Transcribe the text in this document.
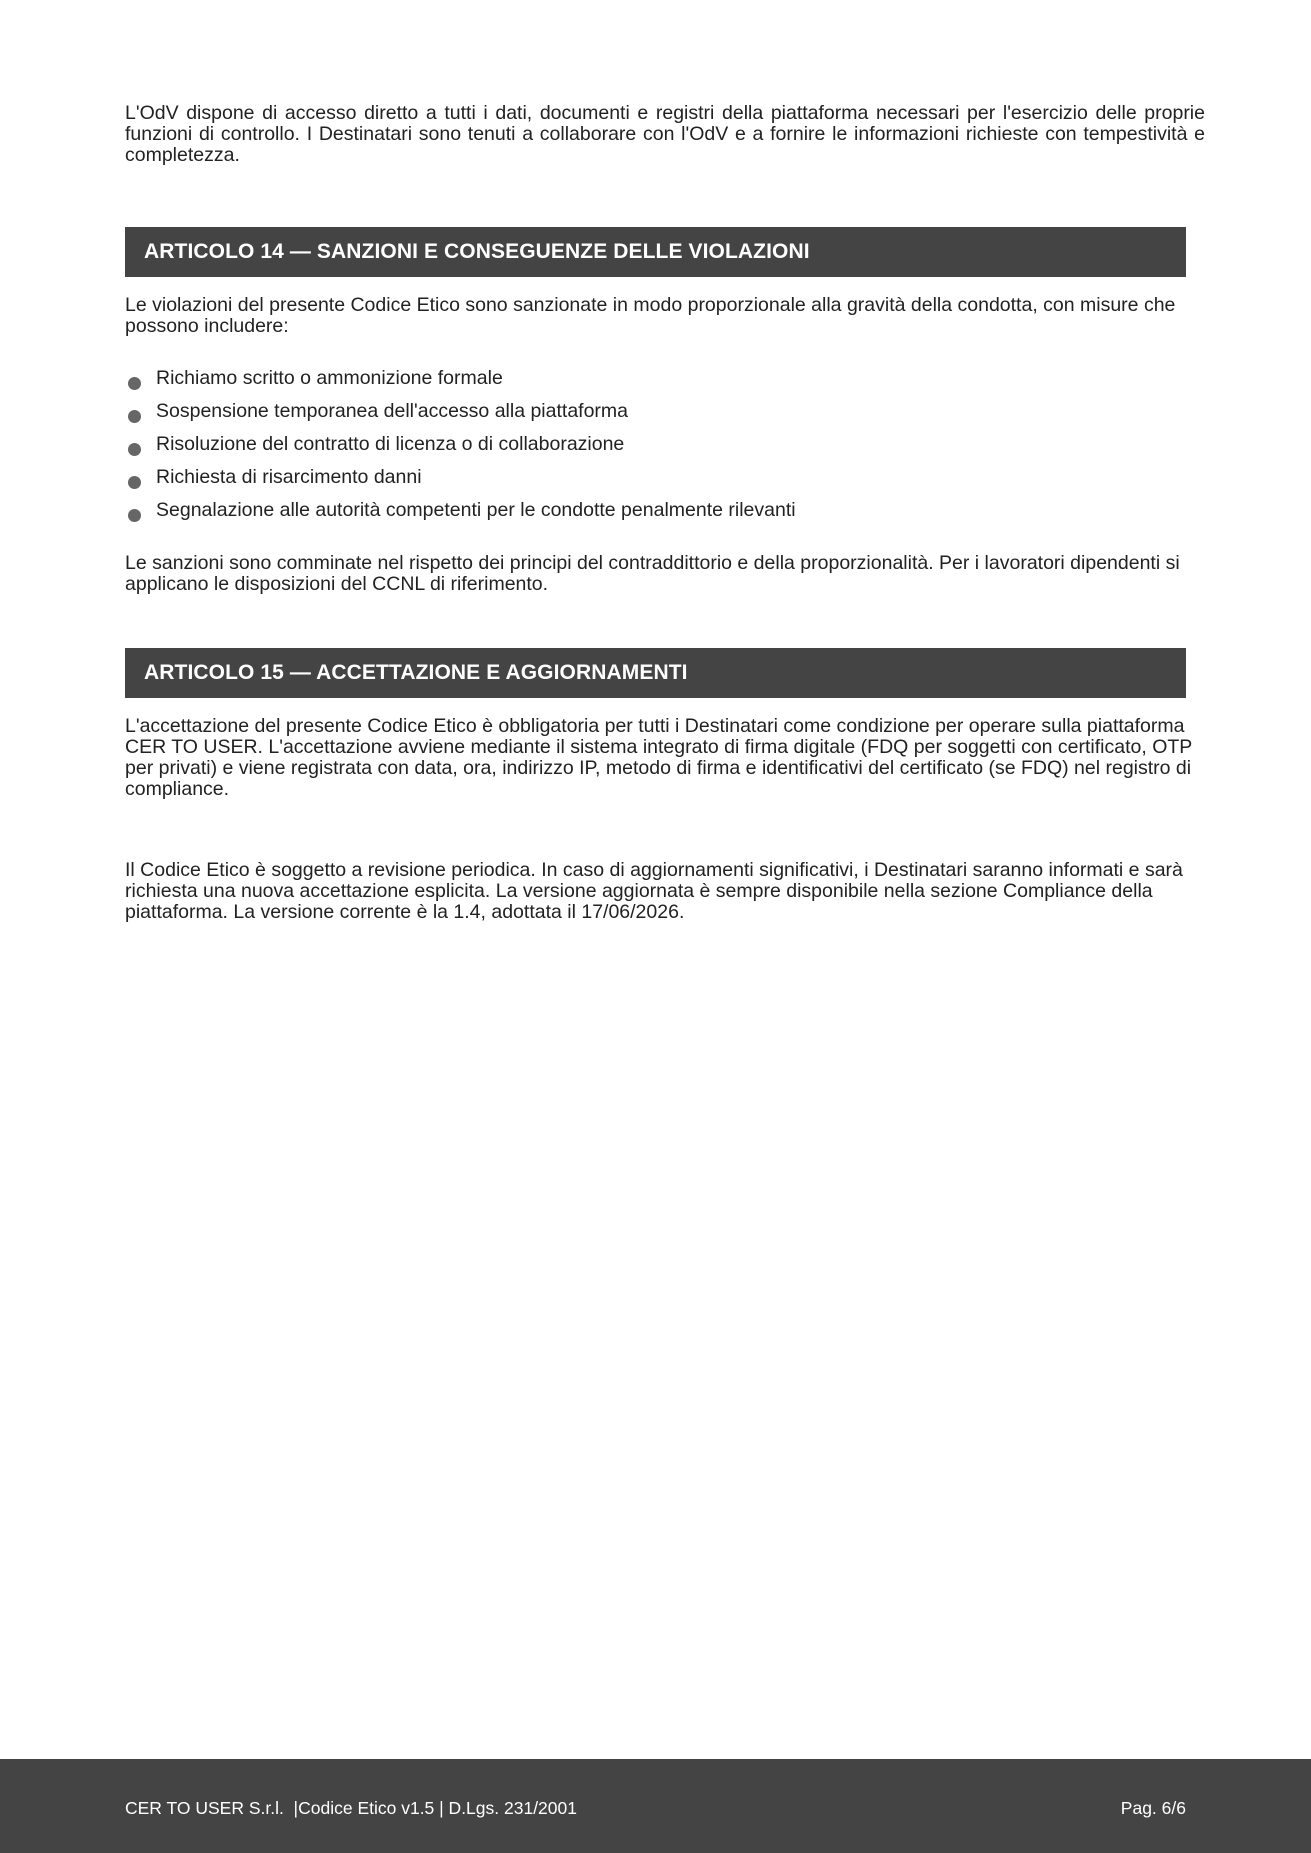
L'OdV dispone di accesso diretto a tutti i dati, documenti e registri della piattaforma necessari per l'esercizio delle proprie funzioni di controllo. I Destinatari sono tenuti a collaborare con l'OdV e a fornire le informazioni richieste con tempestività e completezza.

ARTICOLO 14 — SANZIONI E CONSEGUENZE DELLE VIOLAZIONI

Le violazioni del presente Codice Etico sono sanzionate in modo proporzionale alla gravità della condotta, con misure che possono includere:

Richiamo scritto o ammonizione formale
Sospensione temporanea dell'accesso alla piattaforma
Risoluzione del contratto di licenza o di collaborazione
Richiesta di risarcimento danni
Segnalazione alle autorità competenti per le condotte penalmente rilevanti

Le sanzioni sono comminate nel rispetto dei principi del contraddittorio e della proporzionalità. Per i lavoratori dipendenti si applicano le disposizioni del CCNL di riferimento.

ARTICOLO 15 — ACCETTAZIONE E AGGIORNAMENTI

L'accettazione del presente Codice Etico è obbligatoria per tutti i Destinatari come condizione per operare sulla piattaforma CER TO USER. L'accettazione avviene mediante il sistema integrato di firma digitale (FDQ per soggetti con certificato, OTP per privati) e viene registrata con data, ora, indirizzo IP, metodo di firma e identificativi del certificato (se FDQ) nel registro di compliance.

Il Codice Etico è soggetto a revisione periodica. In caso di aggiornamenti significativi, i Destinatari saranno informati e sarà richiesta una nuova accettazione esplicita. La versione aggiornata è sempre disponibile nella sezione Compliance della piattaforma. La versione corrente è la 1.4, adottata il 17/06/2026.

CER TO USER S.r.l.  |Codice Etico v1.5 | D.Lgs. 231/2001	Pag. 6/6
